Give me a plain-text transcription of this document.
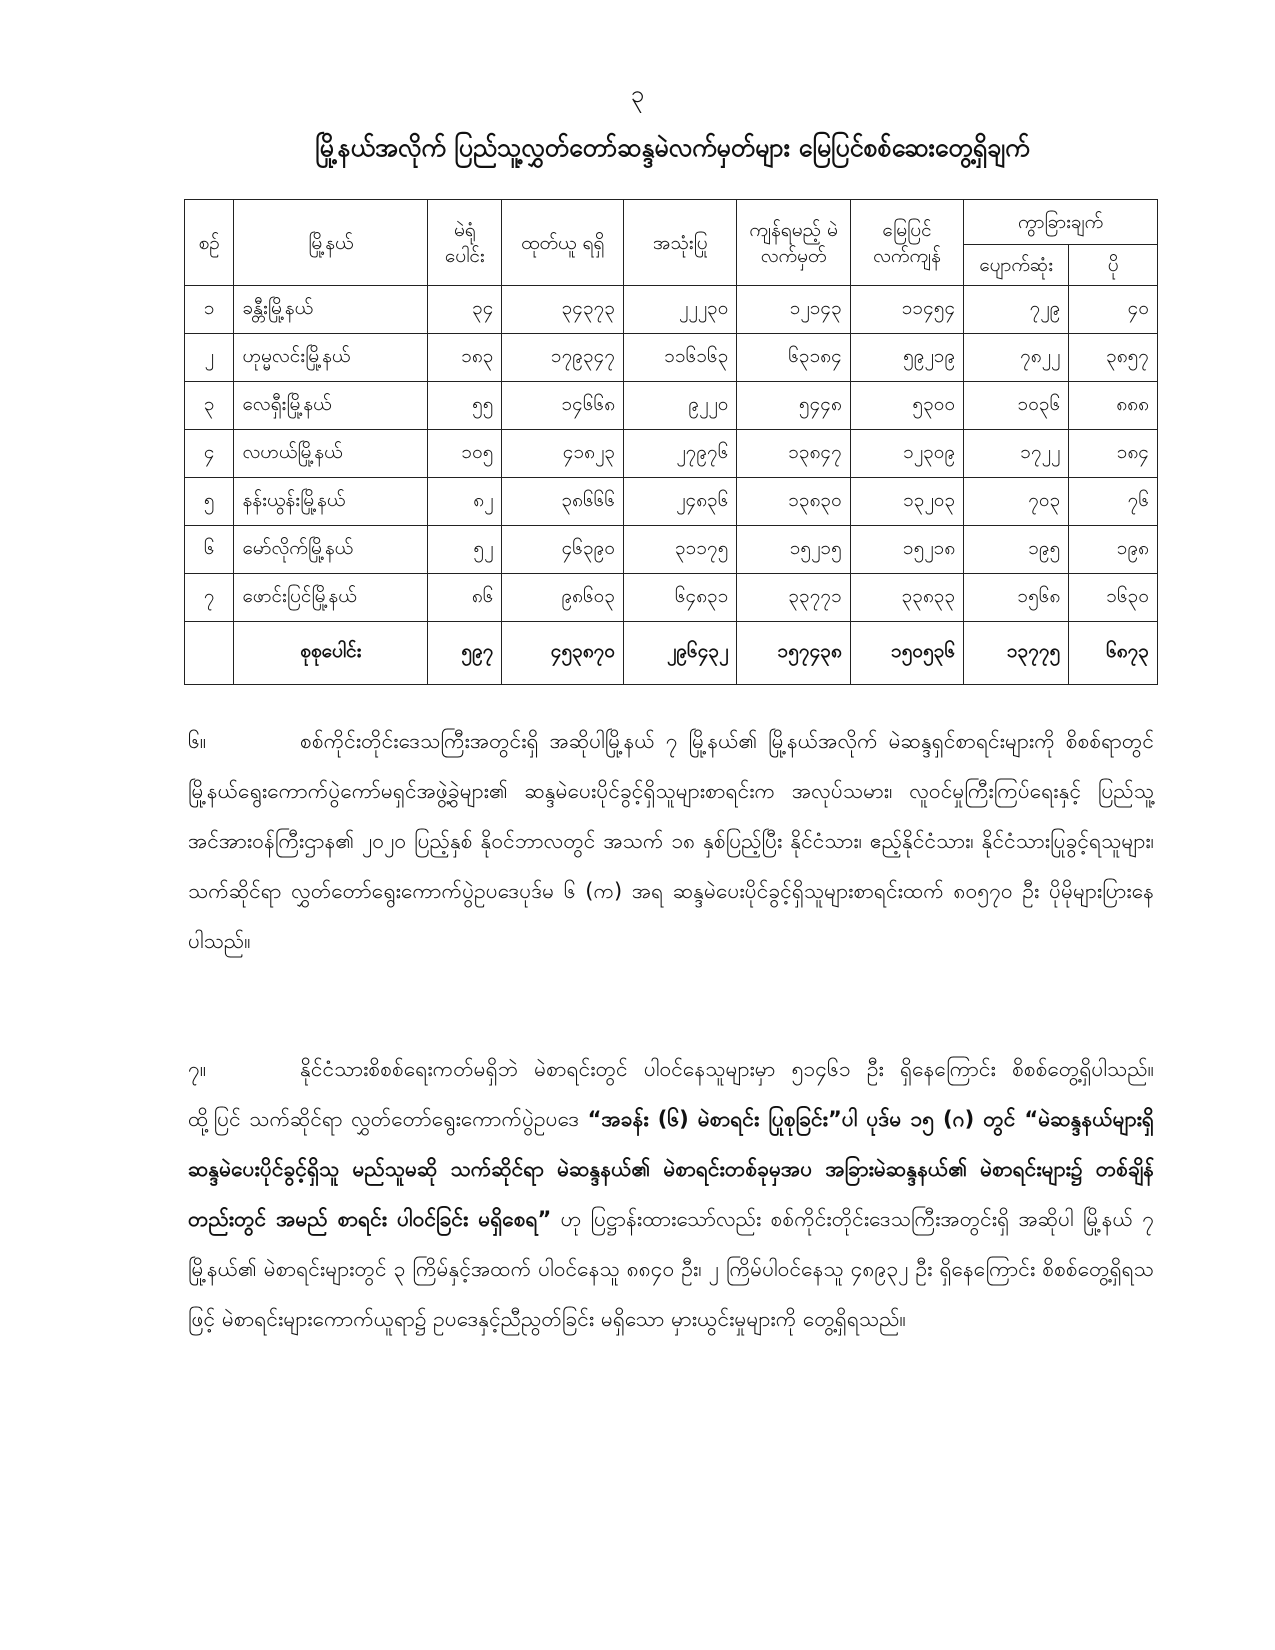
၃
မြို့နယ်အလိုက် ပြည်သူ့လွှတ်တော်ဆန္ဒမဲလက်မှတ်များ မြေပြင်စစ်ဆေးတွေ့ရှိချက်
စဉ်	မြို့နယ်	မဲရုံ ပေါင်း	ထုတ်ယူ ရရှိ	အသုံးပြု	ကျန်ရမည့် မဲလက်မှတ်	မြေပြင် လက်ကျန်	ကွာခြားချက်	
							ပျောက်ဆုံး	ပို
၁	ခန္တီးမြို့နယ်	၃၄	၃၄၃၇၃	၂၂၂၃၀	၁၂၁၄၃	၁၁၄၅၄	၇၂၉	၄၀
၂	ဟုမ္မလင်းမြို့နယ်	၁၈၃	၁၇၉၃၄၇	၁၁၆၁၆၃	၆၃၁၈၄	၅၉၂၁၉	၇၈၂၂	၃၈၅၇
၃	လေရှီးမြို့နယ်	၅၅	၁၄၆၆၈	၉၂၂၀	၅၄၄၈	၅၃၀၀	၁၀၃၆	၈၈၈
၄	လဟယ်မြို့နယ်	၁၀၅	၄၁၈၂၃	၂၇၉၇၆	၁၃၈၄၇	၁၂၃၀၉	၁၇၂၂	၁၈၄
၅	နန်းယွန်းမြို့နယ်	၈၂	၃၈၆၆၆	၂၄၈၃၆	၁၃၈၃၀	၁၃၂၀၃	၇၀၃	၇၆
၆	မော်လိုက်မြို့နယ်	၅၂	၄၆၃၉၀	၃၁၁၇၅	၁၅၂၁၅	၁၅၂၁၈	၁၉၅	၁၉၈
၇	ဖောင်းပြင်မြို့နယ်	၈၆	၉၈၆၀၃	၆၄၈၃၁	၃၃၇၇၁	၃၃၈၃၃	၁၅၆၈	၁၆၃၀
	စုစုပေါင်း	၅၉၇	၄၅၃၈၇၀	၂၉၆၄၃၂	၁၅၇၄၃၈	၁၅၀၅၃၆	၁၃၇၇၅	၆၈၇၃
၆။	စစ်ကိုင်းတိုင်းဒေသကြီးအတွင်းရှိ အဆိုပါမြို့နယ် ၇ မြို့နယ်၏ မြို့နယ်အလိုက် မဲဆန္ဒရှင်စာရင်းများကို စိစစ်ရာတွင် မြို့နယ်ရွေးကောက်ပွဲကော်မရှင်အဖွဲ့ခွဲများ၏ ဆန္ဒမဲပေးပိုင်ခွင့်ရှိသူများစာရင်းက အလုပ်သမား၊ လူဝင်မှုကြီးကြပ်ရေးနှင့် ပြည်သူ့အင်အားဝန်ကြီးဌာန၏ ၂၀၂၀ ပြည့်နှစ် နိုဝင်ဘာလတွင် အသက် ၁၈ နှစ်ပြည့်ပြီး နိုင်ငံသား၊ ဧည့်နိုင်ငံသား၊ နိုင်ငံသားပြုခွင့်ရသူများ၊ သက်ဆိုင်ရာ လွှတ်တော်ရွေးကောက်ပွဲဥပဒေပုဒ်မ ၆ (က) အရ ဆန္ဒမဲပေးပိုင်ခွင့်ရှိသူများစာရင်းထက် ၈၀၅၇၀ ဦး ပိုမိုများပြားနေပါသည်။
၇။	နိုင်ငံသားစိစစ်ရေးကတ်မရှိဘဲ မဲစာရင်းတွင် ပါဝင်နေသူများမှာ ၅၁၄၆၁ ဦး ရှိနေကြောင်း စိစစ်တွေ့ရှိပါသည်။ ထို့ပြင် သက်ဆိုင်ရာ လွှတ်တော်ရွေးကောက်ပွဲဥပဒေ “အခန်း (၆) မဲစာရင်း ပြုစုခြင်း”ပါ ပုဒ်မ ၁၅ (ဂ) တွင် “မဲဆန္ဒနယ်များရှိ ဆန္ဒမဲပေးပိုင်ခွင့်ရှိသူ မည်သူမဆို သက်ဆိုင်ရာ မဲဆန္ဒနယ်၏ မဲစာရင်းတစ်ခုမှအပ အခြားမဲဆန္ဒနယ်၏ မဲစာရင်းများ၌ တစ်ချိန်တည်းတွင် အမည် စာရင်း ပါဝင်ခြင်း မရှိစေရ” ဟု ပြဋ္ဌာန်းထားသော်လည်း စစ်ကိုင်းတိုင်းဒေသကြီးအတွင်းရှိ အဆိုပါ မြို့နယ် ၇ မြို့နယ်၏ မဲစာရင်းများတွင် ၃ ကြိမ်နှင့်အထက် ပါဝင်နေသူ ၈၈၄၀ ဦး၊ ၂ ကြိမ်ပါဝင်နေသူ ၄၈၉၃၂ ဦး ရှိနေကြောင်း စိစစ်တွေ့ရှိရသဖြင့် မဲစာရင်းများကောက်ယူရာ၌ ဥပဒေနှင့်ညီညွတ်ခြင်း မရှိသော မှားယွင်းမှုများကို တွေ့ရှိရသည်။
